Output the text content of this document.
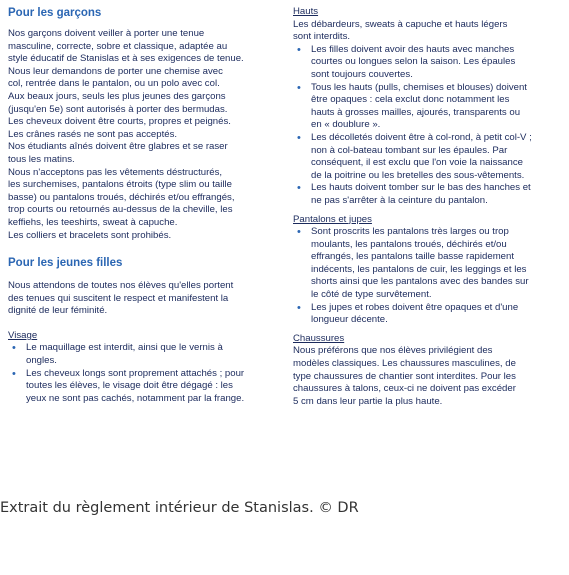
Pour les garçons
Nos garçons doivent veiller à porter une tenue
masculine, correcte, sobre et classique, adaptée au
style éducatif de Stanislas et à ses exigences de tenue.
Nous leur demandons de porter une chemise avec
col, rentrée dans le pantalon, ou un polo avec col.
Aux beaux jours, seuls les plus jeunes des garçons
(jusqu'en 5e) sont autorisés à porter des bermudas.
Les cheveux doivent être courts, propres et peignés.
Les crânes rasés ne sont pas acceptés.
Nos étudiants aînés doivent être glabres et se raser
tous les matins.
Nous n'acceptons pas les vêtements déstructurés,
les surchemises, pantalons étroits (type slim ou taille
basse) ou pantalons troués, déchirés et/ou effrangés,
trop courts ou retournés au-dessus de la cheville, les
keffiehs, les teeshirts, sweat à capuche.
Les colliers et bracelets sont prohibés.
Pour les jeunes filles
Nous attendons de toutes nos élèves qu'elles portent
des tenues qui suscitent le respect et manifestent la
dignité de leur féminité.
Visage
• Le maquillage est interdit, ainsi que le vernis à
ongles.
• Les cheveux longs sont proprement attachés ; pour
toutes les élèves, le visage doit être dégagé : les
yeux ne sont pas cachés, notamment par la frange.
Hauts
Les débardeurs, sweats à capuche et hauts légers
sont interdits.
• Les filles doivent avoir des hauts avec manches
courtes ou longues selon la saison. Les épaules
sont toujours couvertes.
• Tous les hauts (pulls, chemises et blouses) doivent
être opaques : cela exclut donc notamment les
hauts à grosses mailles, ajourés, transparents ou
en « doublure ».
• Les décolletés doivent être à col-rond, à petit col-V ;
non à col-bateau tombant sur les épaules. Par
conséquent, il est exclu que l'on voie la naissance
de la poitrine ou les bretelles des sous-vêtements.
• Les hauts doivent tomber sur le bas des hanches et
ne pas s'arrêter à la ceinture du pantalon.
Pantalons et jupes
• Sont proscrits les pantalons très larges ou trop
moulants, les pantalons troués, déchirés et/ou
effrangés, les pantalons taille basse rapidement
indécents, les pantalons de cuir, les leggings et les
shorts ainsi que les pantalons avec des bandes sur
le côté de type survêtement.
• Les jupes et robes doivent être opaques et d'une
longueur décente.
Chaussures
Nous préférons que nos élèves privilégient des
modèles classiques. Les chaussures masculines, de
type chaussures de chantier sont interdites. Pour les
chaussures à talons, ceux-ci ne doivent pas excéder
5 cm dans leur partie la plus haute.
Extrait du règlement intérieur de Stanislas. © DR
